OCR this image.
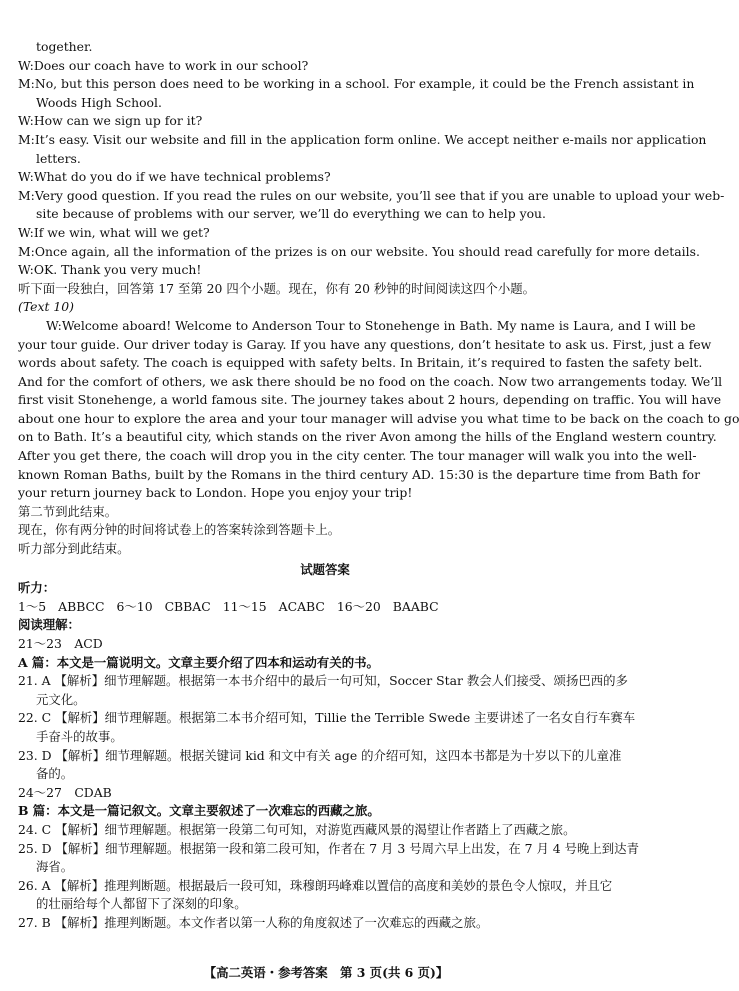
together.
W:Does our coach have to work in our school?
M:No, but this person does need to be working in a school. For example, it could be the French assistant in
Woods High School.
W:How can we sign up for it?
M:It’s easy. Visit our website and fill in the application form online. We accept neither e-mails nor application
letters.
W:What do you do if we have technical problems?
M:Very good question. If you read the rules on our website, you’ll see that if you are unable to upload your web-
site because of problems with our server, we’ll do everything we can to help you.
W:If we win, what will we get?
M:Once again, all the information of the prizes is on our website. You should read carefully for more details.
W:OK. Thank you very much!
听下面一段独白，回答第 17 至第 20 四个小题。现在，你有 20 秒钟的时间阅读这四个小题。
(Text 10)
W:Welcome aboard! Welcome to Anderson Tour to Stonehenge in Bath. My name is Laura, and I will be
your tour guide. Our driver today is Garay. If you have any questions, don’t hesitate to ask us. First, just a few
words about safety. The coach is equipped with safety belts. In Britain, it’s required to fasten the safety belt.
And for the comfort of others, we ask there should be no food on the coach. Now two arrangements today. We’ll
first visit Stonehenge, a world famous site. The journey takes about 2 hours, depending on traffic. You will have
about one hour to explore the area and your tour manager will advise you what time to be back on the coach to go
on to Bath. It’s a beautiful city, which stands on the river Avon among the hills of the England western country.
After you get there, the coach will drop you in the city center. The tour manager will walk you into the well-
known Roman Baths, built by the Romans in the third century AD. 15:30 is the departure time from Bath for
your return journey back to London. Hope you enjoy your trip!
第二节到此结束。
现在，你有两分钟的时间将试卷上的答案转涂到答题卡上。
听力部分到此结束。
试题答案
听力：
1～5 ABBCC 6～10 CBBAC 11～15 ACABC 16～20 BAABC
阅读理解：
21～23　ACD
A 篇：本文是一篇说明文。文章主要介绍了四本和运动有关的书。
21. A 【解析】细节理解题。根据第一本书介绍中的最后一句可知，Soccer Star 教会人们接受、颂扬巴西的多
元文化。
22. C 【解析】细节理解题。根据第二本书介绍可知，Tillie the Terrible Swede 主要讲述了一名女自行车赛车
手奋斗的故事。
23. D 【解析】细节理解题。根据关键词 kid 和文中有关 age 的介绍可知，这四本书都是为十岁以下的儿童准
备的。
24～27　CDAB
B 篇：本文是一篇记叙文。文章主要叙述了一次难忘的西藏之旅。
24. C 【解析】细节理解题。根据第一段第二句可知，对游览西藏风景的渴望让作者踏上了西藏之旅。
25. D 【解析】细节理解题。根据第一段和第二段可知，作者在 7 月 3 号周六早上出发，在 7 月 4 号晚上到达青
海省。
26. A 【解析】推理判断题。根据最后一段可知，珠穆朗玛峰难以置信的高度和美妙的景色令人惊叹，并且它
的壮丽给每个人都留下了深刻的印象。
27. B 【解析】推理判断题。本文作者以第一人称的角度叙述了一次难忘的西藏之旅。
【高二英语・参考答案　第 3 页(共 6 页)】
